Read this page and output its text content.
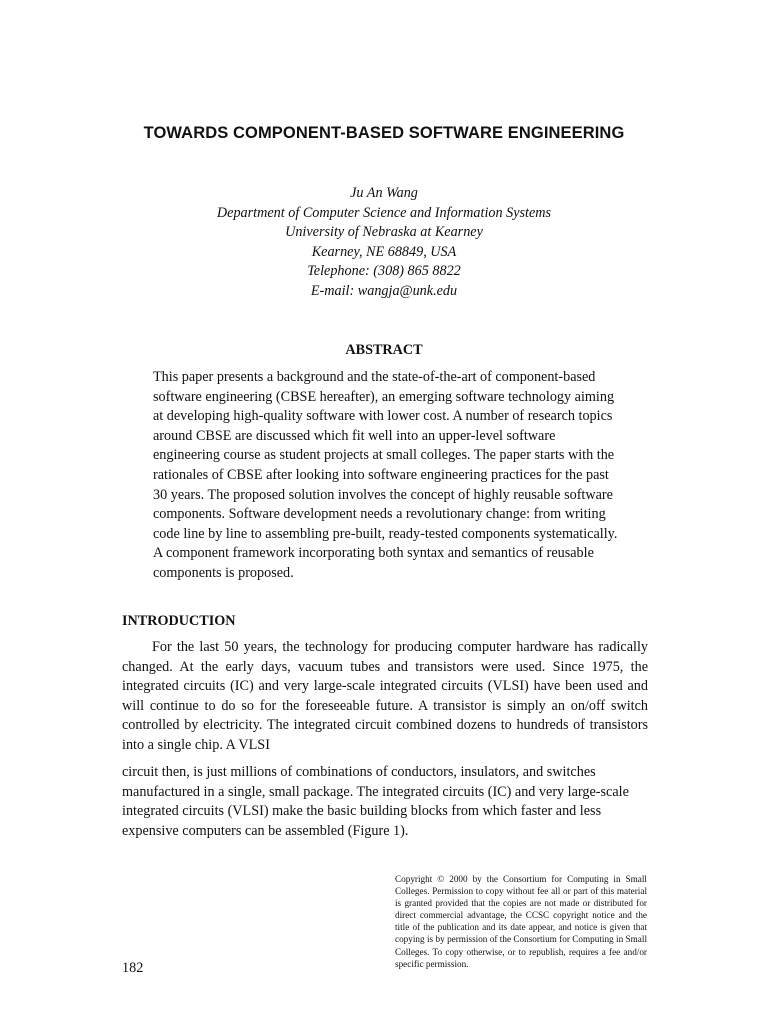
TOWARDS COMPONENT-BASED SOFTWARE ENGINEERING
Ju An Wang
Department of Computer Science and Information Systems
University of Nebraska at Kearney
Kearney, NE 68849, USA
Telephone: (308) 865 8822
E-mail: wangja@unk.edu
ABSTRACT
This paper presents a background and the state-of-the-art of component-based software engineering (CBSE hereafter), an emerging software technology aiming at developing high-quality software with lower cost. A number of research topics around CBSE are discussed which fit well into an upper-level software engineering course as student projects at small colleges. The paper starts with the rationales of CBSE after looking into software engineering practices for the past 30 years. The proposed solution involves the concept of highly reusable software components. Software development needs a revolutionary change: from writing code line by line to assembling pre-built, ready-tested components systematically. A component framework incorporating both syntax and semantics of reusable components is proposed.
INTRODUCTION
For the last 50 years, the technology for producing computer hardware has radically changed. At the early days, vacuum tubes and transistors were used. Since 1975, the integrated circuits (IC) and very large-scale integrated circuits (VLSI) have been used and will continue to do so for the foreseeable future. A transistor is simply an on/off switch controlled by electricity. The integrated circuit combined dozens to hundreds of transistors into a single chip. A VLSI
circuit then, is just millions of combinations of conductors, insulators, and switches manufactured in a single, small package. The integrated circuits (IC) and very large-scale integrated circuits (VLSI) make the basic building blocks from which faster and less expensive computers can be assembled (Figure 1).
182
Copyright © 2000 by the Consortium for Computing in Small Colleges. Permission to copy without fee all or part of this material is granted provided that the copies are not made or distributed for direct commercial advantage, the CCSC copyright notice and the title of the publication and its date appear, and notice is given that copying is by permission of the Consortium for Computing in Small Colleges. To copy otherwise, or to republish, requires a fee and/or specific permission.
